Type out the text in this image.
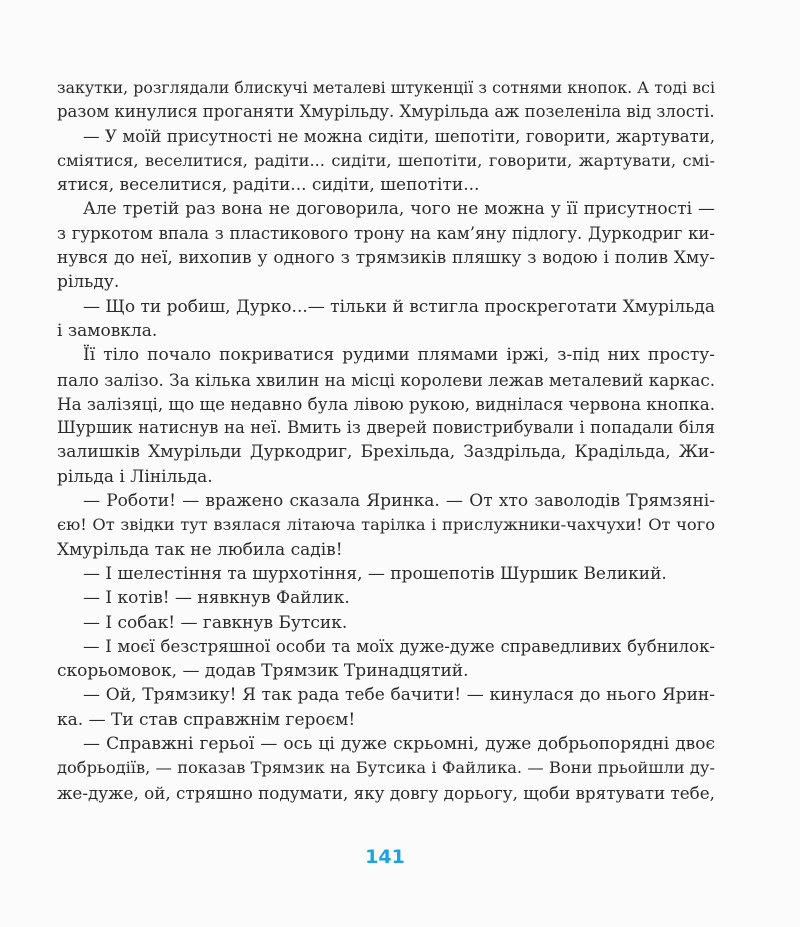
закутки, розглядали блискучі металеві штукенції з сотнями кнопок. А тоді всі
разом кинулися проганяти Хмурільду. Хмурільда аж позеленіла від злості.
— У моїй присутності не можна сидіти, шепотіти, говорити, жартувати,
сміятися, веселитися, радіти... сидіти, шепотіти, говорити, жартувати, смі-
ятися, веселитися, радіти... сидіти, шепотіти...
Але третій раз вона не договорила, чого не можна у її присутності —
з гуркотом впала з пластикового трону на кам’яну підлогу. Дуркодриг ки-
нувся до неї, вихопив у одного з трямзиків пляшку з водою і полив Хму-
рільду.
— Що ти робиш, Дурко...— тільки й встигла проскреготати Хмурільда
і замовкла.
Її тіло почало покриватися рудими плямами іржі, з-під них просту-
пало залізо. За кілька хвилин на місці королеви лежав металевий каркас.
На залізяці, що ще недавно була лівою рукою, виднілася червона кнопка.
Шуршик натиснув на неї. Вмить із дверей повистрибували і попадали біля
залишків Хмурільди Дуркодриг, Брехільда, Заздрільда, Крадільда, Жи-
рільда і Лінільда.
— Роботи! — вражено сказала Яринка. — От хто заволодів Трямзяні-
єю! От звідки тут взялася літаюча тарілка і прислужники-чахчухи! От чого
Хмурільда так не любила садів!
— І шелестіння та шурхотіння, — прошепотів Шуршик Великий.
— І котів! — нявкнув Файлик.
— І собак! — гавкнув Бутсик.
— І моєї безстряшної особи та моїх дуже-дуже справедливих бубнилок-
скорьомовок, — додав Трямзик Тринадцятий.
— Ой, Трямзику! Я так рада тебе бачити! — кинулася до нього Ярин-
ка. — Ти став справжнім героєм!
— Справжні герьої — ось ці дуже скрьомні, дуже добрьопорядні двоє
добрьодіїв, — показав Трямзик на Бутсика і Файлика. — Вони прьойшли ду-
же-дуже, ой, стряшно подумати, яку довгу дорьогу, щоби врятувати тебе,
141
